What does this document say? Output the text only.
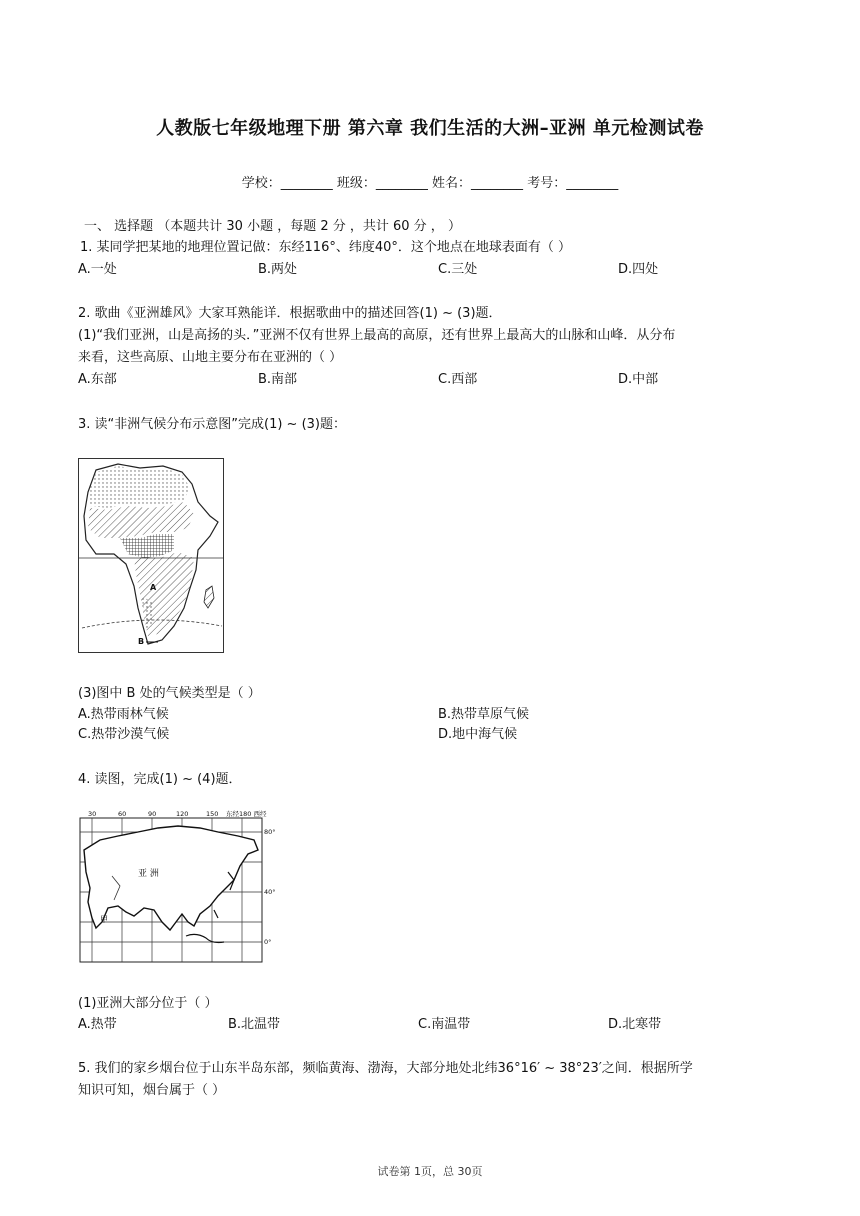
人教版七年级地理下册 第六章 我们生活的大洲–亚洲 单元检测试卷
学校：________ 班级：________ 姓名：________ 考号：________
一、 选择题 （本题共计 30 小题 ，每题 2 分 ，共计 60 分 ， ）
1. 某同学把某地的地理位置记做：东经116°、纬度40°．这个地点在地球表面有（ ）
A.一处	B.两处	C.三处	D.四处
2. 歌曲《亚洲雄风》大家耳熟能详．根据歌曲中的描述回答(1) ~ (3)题．
(1)“我们亚洲，山是高扬的头．”亚洲不仅有世界上最高的高原，还有世界上最高大的山脉和山峰．从分布
来看，这些高原、山地主要分布在亚洲的（ ）
A.东部	B.南部	C.西部	D.中部
3. 读“非洲气候分布示意图”完成(1) ~ (3)题：
A
B
(3)图中 B 处的气候类型是（ ）
A.热带雨林气候	B.热带草原气候
C.热带沙漠气候	D.地中海气候
4. 读图，完成(1) ~ (4)题．
30	60	90	120	150 东经180 西经
80°
40°
0°
亚 洲
甲
(1)亚洲大部分位于（ ）
A.热带	B.北温带	C.南温带	D.北寒带
5. 我们的家乡烟台位于山东半岛东部，频临黄海、渤海，大部分地处北纬36°16′ ~ 38°23′之间．根据所学
知识可知，烟台属于（ ）
试卷第 1页，总 30页
